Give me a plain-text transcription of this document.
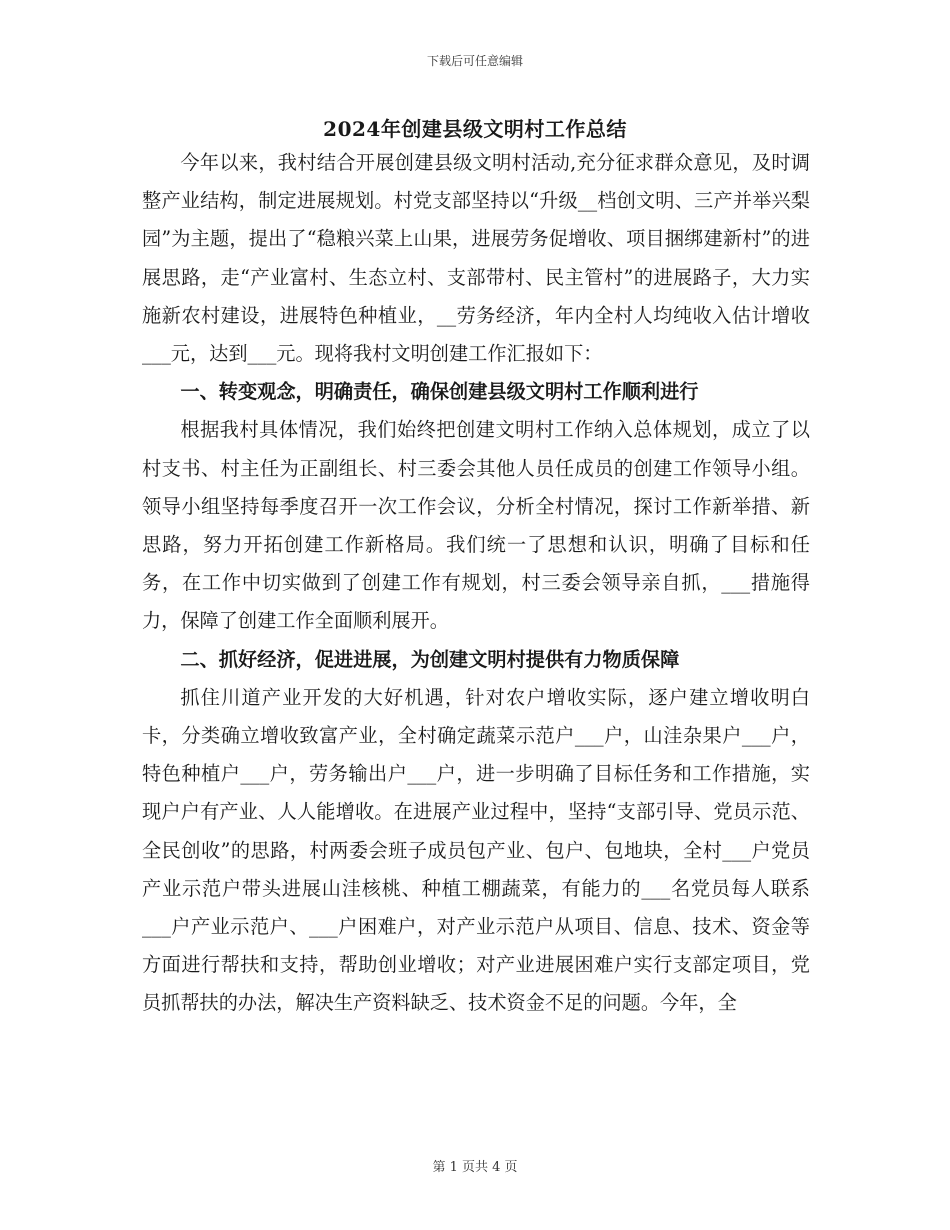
下载后可任意编辑
2024年创建县级文明村工作总结

今年以来，我村结合开展创建县级文明村活动,充分征求群众意见，及时调整产业结构，制定进展规划。村党支部坚持以“升级__档创文明、三产并举兴梨园”为主题，提出了“稳粮兴菜上山果，进展劳务促增收、项目捆绑建新村”的进展思路，走“产业富村、生态立村、支部带村、民主管村”的进展路子，大力实施新农村建设，进展特色种植业，__劳务经济，年内全村人均纯收入估计增收___元，达到___元。现将我村文明创建工作汇报如下：

一、转变观念，明确责任，确保创建县级文明村工作顺利进行

根据我村具体情况，我们始终把创建文明村工作纳入总体规划，成立了以村支书、村主任为正副组长、村三委会其他人员任成员的创建工作领导小组。领导小组坚持每季度召开一次工作会议，分析全村情况，探讨工作新举措、新思路，努力开拓创建工作新格局。我们统一了思想和认识，明确了目标和任务，在工作中切实做到了创建工作有规划，村三委会领导亲自抓，___措施得力，保障了创建工作全面顺利展开。

二、抓好经济，促进进展，为创建文明村提供有力物质保障

抓住川道产业开发的大好机遇，针对农户增收实际，逐户建立增收明白卡，分类确立增收致富产业，全村确定蔬菜示范户___户，山洼杂果户___户，特色种植户___户，劳务输出户___户，进一步明确了目标任务和工作措施，实现户户有产业、人人能增收。在进展产业过程中，坚持“支部引导、党员示范、全民创收”的思路，村两委会班子成员包产业、包户、包地块，全村___户党员产业示范户带头进展山洼核桃、种植工棚蔬菜，有能力的___名党员每人联系___户产业示范户、___户困难户，对产业示范户从项目、信息、技术、资金等方面进行帮扶和支持，帮助创业增收；对产业进展困难户实行支部定项目，党员抓帮扶的办法，解决生产资料缺乏、技术资金不足的问题。今年，全

第 1 页共 4 页
